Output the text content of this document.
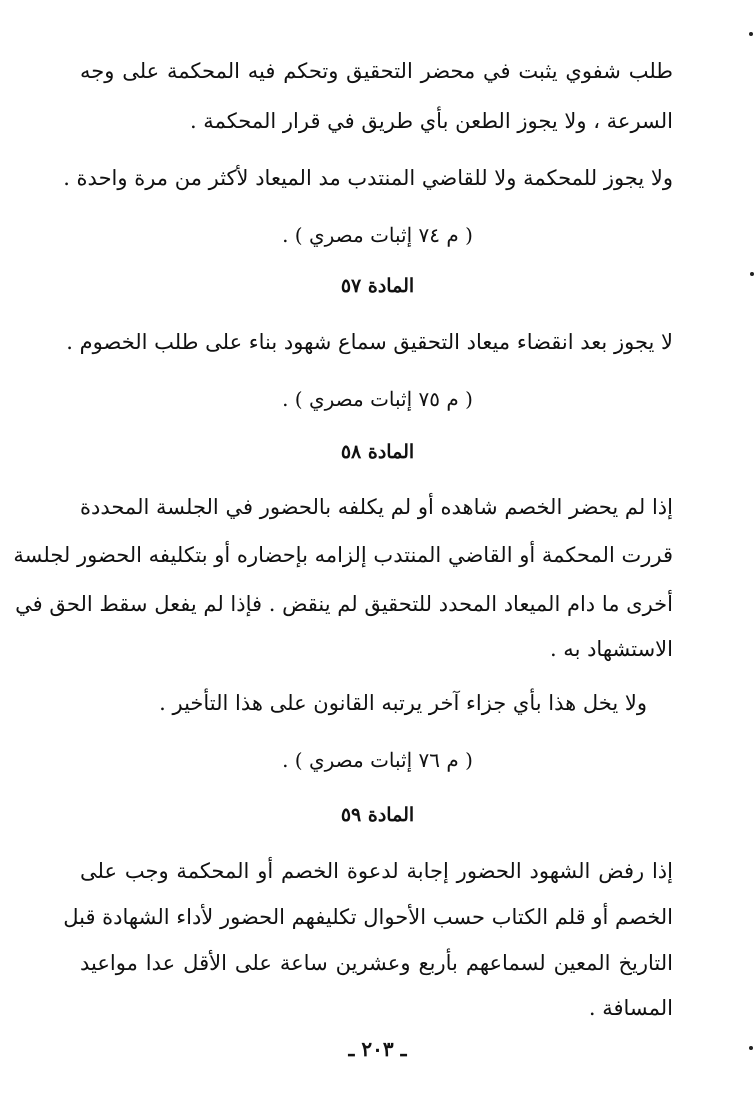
طلب شفوي يثبت في محضر التحقيق وتحكم فيه المحكمة على وجه
السرعة ، ولا يجوز الطعن بأي طريق في قرار المحكمة .
ولا يجوز للمحكمة ولا للقاضي المنتدب مد الميعاد لأكثر من مرة واحدة .
( م ٧٤ إثبات مصري ) .
المادة ٥٧
لا يجوز بعد انقضاء ميعاد التحقيق سماع شهود بناء على طلب الخصوم .
( م ٧٥ إثبات مصري ) .
المادة ٥٨
إذا لم يحضر الخصم شاهده أو لم يكلفه بالحضور في الجلسة المحددة
قررت المحكمة أو القاضي المنتدب إلزامه بإحضاره أو بتكليفه الحضور لجلسة
أخرى ما دام الميعاد المحدد للتحقيق لم ينقض . فإذا لم يفعل سقط الحق في
الاستشهاد به .
ولا يخل هذا بأي جزاء آخر يرتبه القانون على هذا التأخير .
( م ٧٦ إثبات مصري ) .
المادة ٥٩
إذا رفض الشهود الحضور إجابة لدعوة الخصم أو المحكمة وجب على
الخصم أو قلم الكتاب حسب الأحوال تكليفهم الحضور لأداء الشهادة قبل
التاريخ المعين لسماعهم بأربع وعشرين ساعة على الأقل عدا مواعيد
المسافة .
ـ ٢٠٣ ـ
